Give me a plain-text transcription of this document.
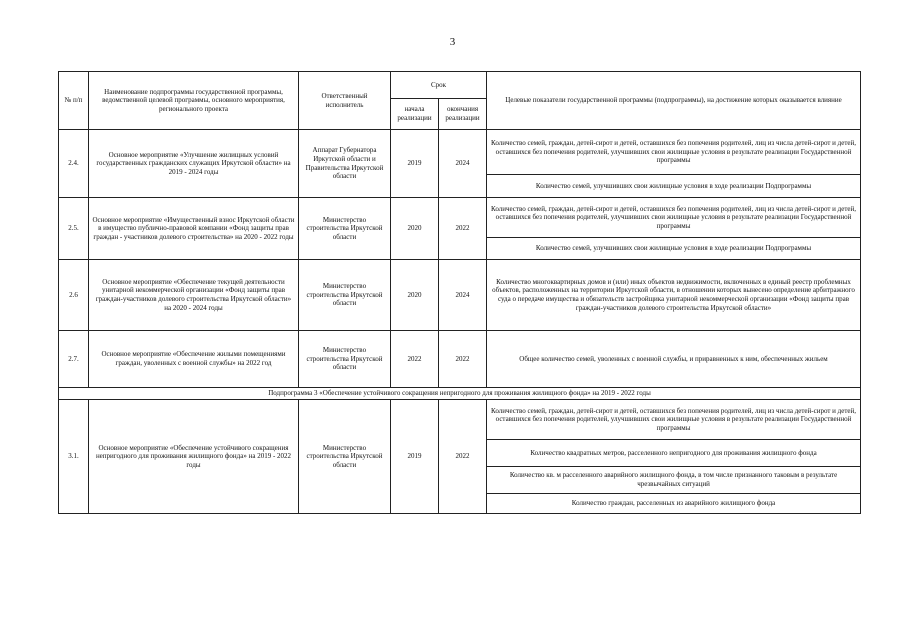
3
№ п/п	Наименование подпрограммы государственной программы, ведомственной целевой программы, основного мероприятия, регионального проекта	Ответственный исполнитель	Срок		Целевые показатели государственной программы (подпрограммы), на достижение которых оказывается влияние
			начала реализации	окончания реализации	
2.4.	Основное мероприятие «Улучшение жилищных условий государственных гражданских служащих Иркутской области» на 2019 - 2024 годы	Аппарат Губернатора Иркутской области и Правительства Иркутской области	2019	2024	Количество семей, граждан, детей-сирот и детей, оставшихся без попечения родителей, лиц из числа детей-сирот и детей, оставшихся без попечения родителей, улучшивших свои жилищные условия в результате реализации Государственной программы
					Количество семей, улучшивших свои жилищные условия в ходе реализации Подпрограммы
2.5.	Основное мероприятие «Имущественный взнос Иркутской области в имущество публично-правовой компании «Фонд защиты прав граждан - участников долевого строительства» на 2020 - 2022 годы	Министерство строительства Иркутской области	2020	2022	Количество семей, граждан, детей-сирот и детей, оставшихся без попечения родителей, лиц из числа детей-сирот и детей, оставшихся без попечения родителей, улучшивших свои жилищные условия в результате реализации Государственной программы
					Количество семей, улучшивших свои жилищные условия в ходе реализации Подпрограммы
2.6	Основное мероприятие «Обеспечение текущей деятельности унитарной некоммерческой организации «Фонд защиты прав граждан-участников долевого строительства Иркутской области» на 2020 - 2024 годы	Министерство строительства Иркутской области	2020	2024	Количество многоквартирных домов и (или) иных объектов недвижимости, включенных в единый реестр проблемных объектов, расположенных на территории Иркутской области, в отношении которых вынесено определение арбитражного суда о передаче имущества и обязательств застройщика унитарной некоммерческой организации «Фонд защиты прав граждан-участников долевого строительства Иркутской области»
2.7.	Основное мероприятие «Обеспечение жилыми помещениями граждан, уволенных с военной службы» на 2022 год	Министерство строительства Иркутской области	2022	2022	Общее количество семей, уволенных с военной службы, и приравненных к ним, обеспеченных жильем
Подпрограмма 3 «Обеспечение устойчивого сокращения непригодного для проживания жилищного фонда» на 2019 - 2022 годы					
3.1.	Основное мероприятие «Обеспечение устойчивого сокращения непригодного для проживания жилищного фонда» на 2019 - 2022 годы	Министерство строительства Иркутской области	2019	2022	Количество семей, граждан, детей-сирот и детей, оставшихся без попечения родителей, лиц из числа детей-сирот и детей, оставшихся без попечения родителей, улучшивших свои жилищные условия в результате реализации Государственной программы
					Количество квадратных метров, расселенного непригодного для проживания жилищного фонда
					Количество кв. м расселенного аварийного жилищного фонда, в том числе признанного таковым в результате чрезвычайных ситуаций
					Количество граждан, расселенных из аварийного жилищного фонда
